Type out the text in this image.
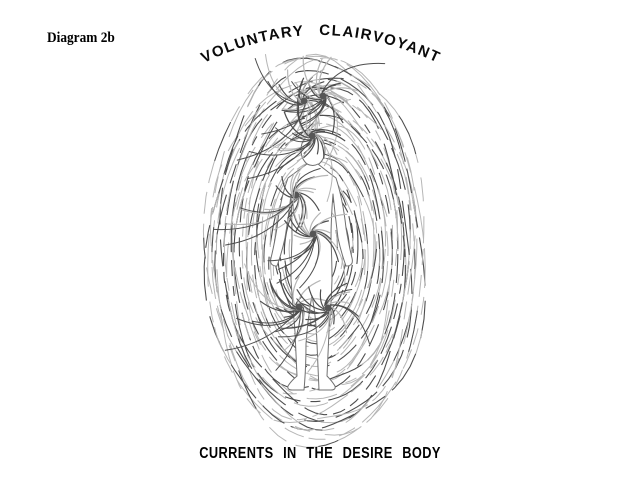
Diagram 2b
VOLUNTARY CLAIRVOYANT
CURRENTS IN THE DESIRE BODY
